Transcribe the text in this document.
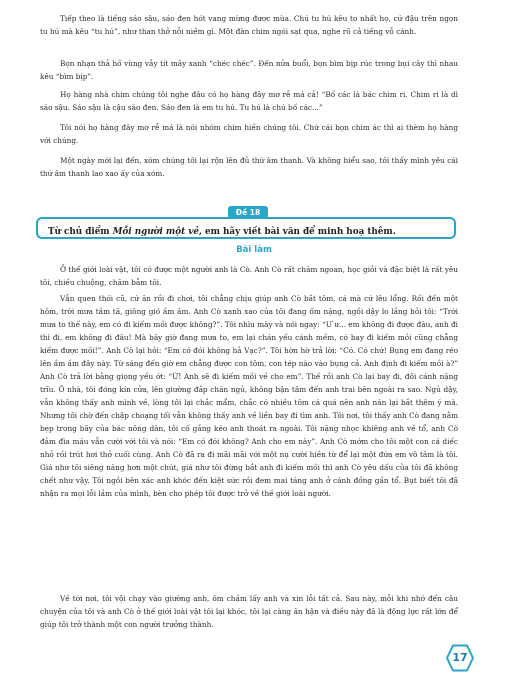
Tiếp theo là tiếng sáo sậu, sáo đen hót vang mừng được mùa. Chú tu hú kêu to nhất họ, cứ đậu trên ngọn tu hú mà kêu “tu hú”, như than thở nỗi niềm gì. Một đàn chim ngói sạt qua, nghe rõ cả tiếng vỗ cánh.

Bọn nhạn thả hồ vùng vẫy tít mây xanh “chéc chéc”. Đến nửa buổi, bọn bìm bịp rúc trong bụi cây thì nhau kêu “bìm bịp”.

Họ hàng nhà chim chúng tôi nghe đâu có họ hàng đây mơ rễ má cả! “Bố các là bác chim ri. Chim ri là dì sáo sậu. Sáo sậu là cậu sáo đen. Sáo đen là em tu hú. Tu hú là chú bố các...”

Tôi nói họ hàng đây mơ rễ má là nói nhóm chim hiền chúng tôi. Chứ cái bọn chim ác thì ai thèm họ hàng với chúng.

Một ngày mới lại đến, xóm chúng tôi lại rộn lên đủ thứ âm thanh. Và không hiểu sao, tôi thấy mình yêu cái thứ âm thanh lao xao ấy của xóm.

Đề 18
Từ chủ điểm Mỗi người một vẻ, em hãy viết bài văn để minh hoạ thêm.
Bài làm

Ở thế giới loài vật, tôi có được một người anh là Cò. Anh Cò rất chăm ngoan, học giỏi và đặc biệt là rất yêu tôi, chiều chuộng, chăm bẵm tôi.

Vẫn quen thói cũ, cứ ăn rồi đi chơi, tôi chẳng chịu giúp anh Cò bắt tôm, cá mà cứ lêu lổng. Rồi đến một hôm, trời mưa tầm tã, giông gió ầm ầm. Anh Cò xanh xao của tôi đang ốm nặng, ngồi dậy lo lắng hỏi tôi: “Trời mưa to thế này, em có đi kiếm mồi được không?”. Tôi nhìu mày và nói ngay: “Ư ư... em không đi được đâu, anh đi thì đi, em không đi đâu! Mà bây giờ đang mưa to, em lại chán yếu cánh mềm, có bay đi kiếm mồi cũng chẳng kiếm được mồi!”. Anh Cò lại hỏi: “Em có đói không hả Vạc?”. Tôi hờn hờ trả lời: “Có. Có chứ! Bụng em đang réo lên ầm ầm đây này. Từ sáng đến giờ em chẳng được con tôm, con tép nào vào bụng cả. Anh định đi kiếm mồi à?” Anh Cò trả lời bằng giọng yếu ớt: “Ừ! Anh sẽ đi kiếm mồi về cho em”. Thế rồi anh Cò lại bay đi, đôi cánh nặng trĩu. Ô nhà, tôi đóng kín cửa, lên giường đắp chăn ngủ, không bận tâm đến anh trai bên ngoài ra sao. Ngủ dậy, vẫn không thấy anh mình về, lòng tôi lại chắc mẩm, chắc có nhiều tôm cá quá nên anh nán lại bắt thêm ý mà. Nhưng tôi chờ đến chập choạng tối vẫn không thấy anh về liền bay đi tìm anh. Tôi nơi, tôi thấy anh Cò đang nằm bẹp trong bãy của bác nông dân, tôi cố gắng kéo anh thoát ra ngoài. Tôi nặng nhọc khiêng anh về tổ, anh Cò đảm đìa máu vẫn cười với tôi và nói: “Em có đói không? Anh cho em này”. Anh Cò mớm cho tôi một con cá diếc nhỏ rồi trút hơi thở cuối cùng. Anh Cò đã ra đi mãi mãi với một nụ cười hiền từ để lại một đứa em vô tâm là tôi. Giá như tôi siêng năng hơn một chút, giá như tôi đừng bắt anh đi kiếm mồi thì anh Cò yêu dấu của tôi đã không chết như vậy. Tôi ngồi bên xác anh khóc đến kiệt sức rồi đem mai táng anh ở cánh đồng gần tổ. Bụt biết tôi đã nhận ra mọi lỗi lầm của mình, bèn cho phép tôi được trở về thế giới loài người.

Về tới nơi, tôi vội chạy vào giường anh, ôm chầm lấy anh và xin lỗi tất cả. Sau này, mỗi khi nhớ đến câu chuyện của tôi và anh Cò ở thế giới loài vật tôi lại khóc, tôi lại càng ân hận và điều này đã là động lực rất lớn để giúp tôi trở thành một con người trưởng thành.

17
